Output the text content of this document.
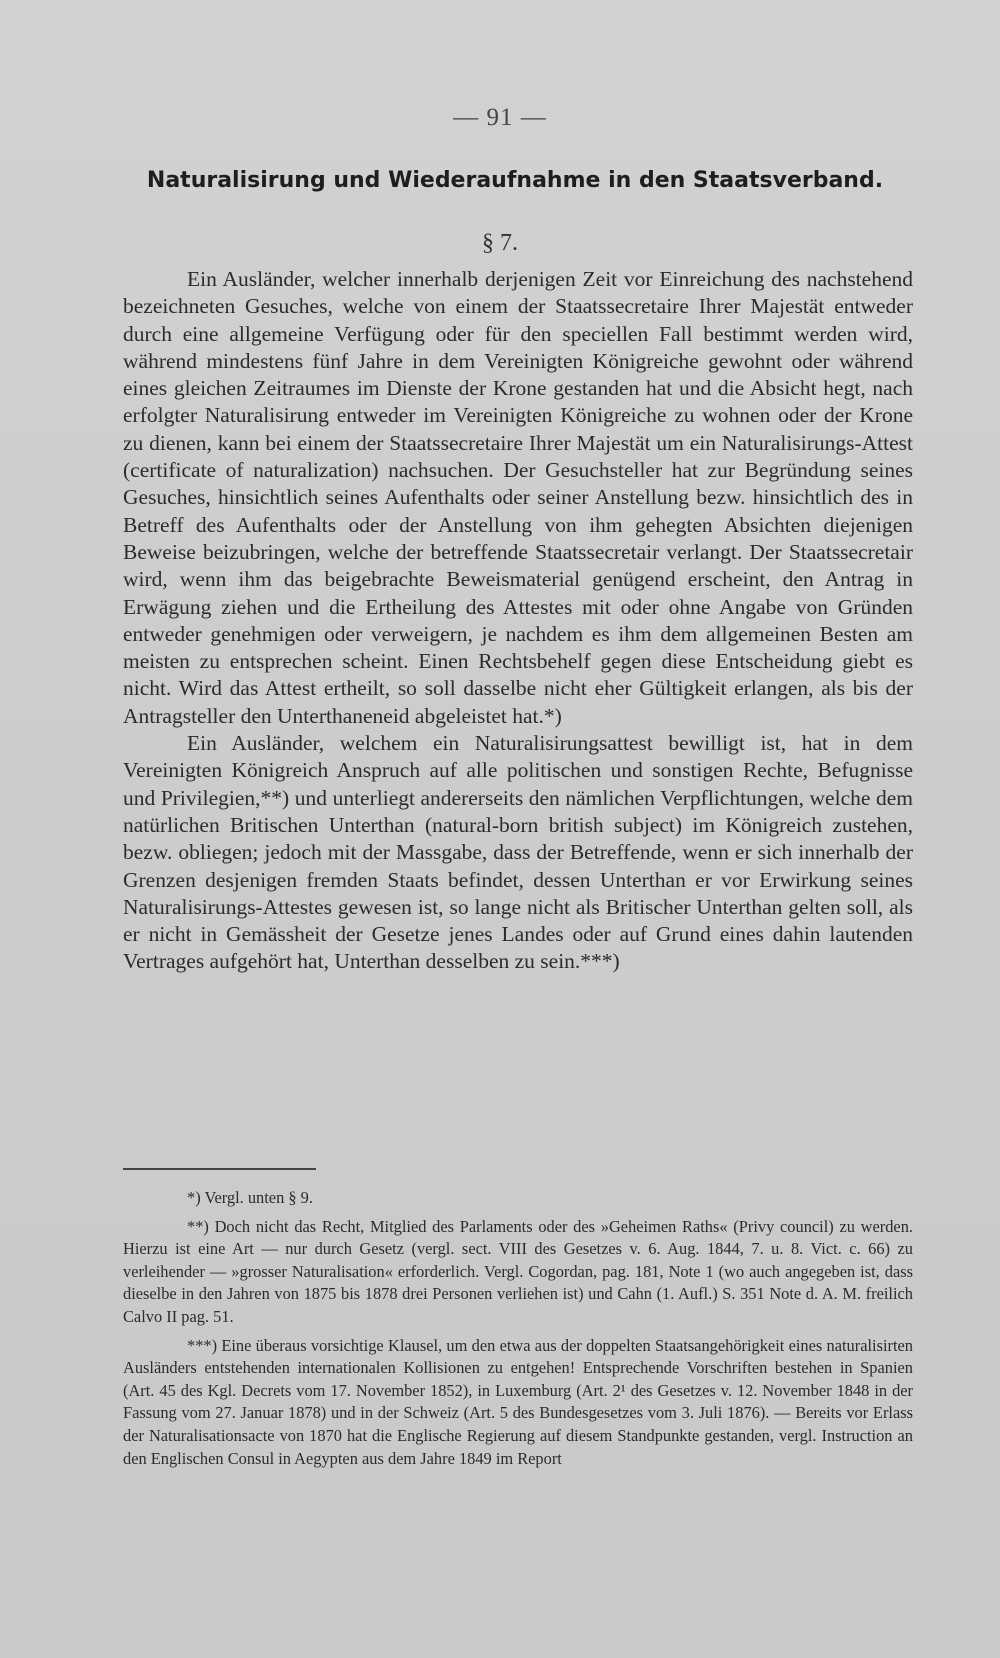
— 91 —
Naturalisirung und Wiederaufnahme in den Staatsverband.
§ 7.

Ein Ausländer, welcher innerhalb derjenigen Zeit vor Einreichung des nachstehend bezeichneten Gesuches, welche von einem der Staatssecretaire Ihrer Majestät entweder durch eine allgemeine Verfügung oder für den speciellen Fall bestimmt werden wird, während mindestens fünf Jahre in dem Vereinigten Königreiche gewohnt oder während eines gleichen Zeitraumes im Dienste der Krone gestanden hat und die Absicht hegt, nach erfolgter Naturalisirung entweder im Vereinigten Königreiche zu wohnen oder der Krone zu dienen, kann bei einem der Staatssecretaire Ihrer Majestät um ein Naturalisirungs-Attest (certificate of naturalization) nachsuchen. Der Gesuchsteller hat zur Begründung seines Gesuches, hinsichtlich seines Aufenthalts oder seiner Anstellung bezw. hinsichtlich des in Betreff des Aufenthalts oder der Anstellung von ihm gehegten Absichten diejenigen Beweise beizubringen, welche der betreffende Staatssecretair verlangt. Der Staatssecretair wird, wenn ihm das beigebrachte Beweismaterial genügend erscheint, den Antrag in Erwägung ziehen und die Ertheilung des Attestes mit oder ohne Angabe von Gründen entweder genehmigen oder verweigern, je nachdem es ihm dem allgemeinen Besten am meisten zu entsprechen scheint. Einen Rechtsbehelf gegen diese Entscheidung giebt es nicht. Wird das Attest ertheilt, so soll dasselbe nicht eher Gültigkeit erlangen, als bis der Antragsteller den Unterthaneneid abgeleistet hat.*)

Ein Ausländer, welchem ein Naturalisirungsattest bewilligt ist, hat in dem Vereinigten Königreich Anspruch auf alle politischen und sonstigen Rechte, Befugnisse und Privilegien,**) und unterliegt andererseits den nämlichen Verpflichtungen, welche dem natürlichen Britischen Unterthan (natural-born british subject) im Königreich zustehen, bezw. obliegen; jedoch mit der Massgabe, dass der Betreffende, wenn er sich innerhalb der Grenzen desjenigen fremden Staats befindet, dessen Unterthan er vor Erwirkung seines Naturalisirungs-Attestes gewesen ist, so lange nicht als Britischer Unterthan gelten soll, als er nicht in Gemässheit der Gesetze jenes Landes oder auf Grund eines dahin lautenden Vertrages aufgehört hat, Unterthan desselben zu sein.***)

*) Vergl. unten § 9.

**) Doch nicht das Recht, Mitglied des Parlaments oder des »Geheimen Raths« (Privy council) zu werden. Hierzu ist eine Art — nur durch Gesetz (vergl. sect. VIII des Gesetzes v. 6. Aug. 1844, 7. u. 8. Vict. c. 66) zu verleihender — »grosser Naturalisation« erforderlich. Vergl. Cogordan, pag. 181, Note 1 (wo auch angegeben ist, dass dieselbe in den Jahren von 1875 bis 1878 drei Personen verliehen ist) und Cahn (1. Aufl.) S. 351 Note d. A. M. freilich Calvo II pag. 51.

***) Eine überaus vorsichtige Klausel, um den etwa aus der doppelten Staatsangehörigkeit eines naturalisirten Ausländers entstehenden internationalen Kollisionen zu entgehen! Entsprechende Vorschriften bestehen in Spanien (Art. 45 des Kgl. Decrets vom 17. November 1852), in Luxemburg (Art. 2¹ des Gesetzes v. 12. November 1848 in der Fassung vom 27. Januar 1878) und in der Schweiz (Art. 5 des Bundesgesetzes vom 3. Juli 1876). — Bereits vor Erlass der Naturalisationsacte von 1870 hat die Englische Regierung auf diesem Standpunkte gestanden, vergl. Instruction an den Englischen Consul in Aegypten aus dem Jahre 1849 im Report
